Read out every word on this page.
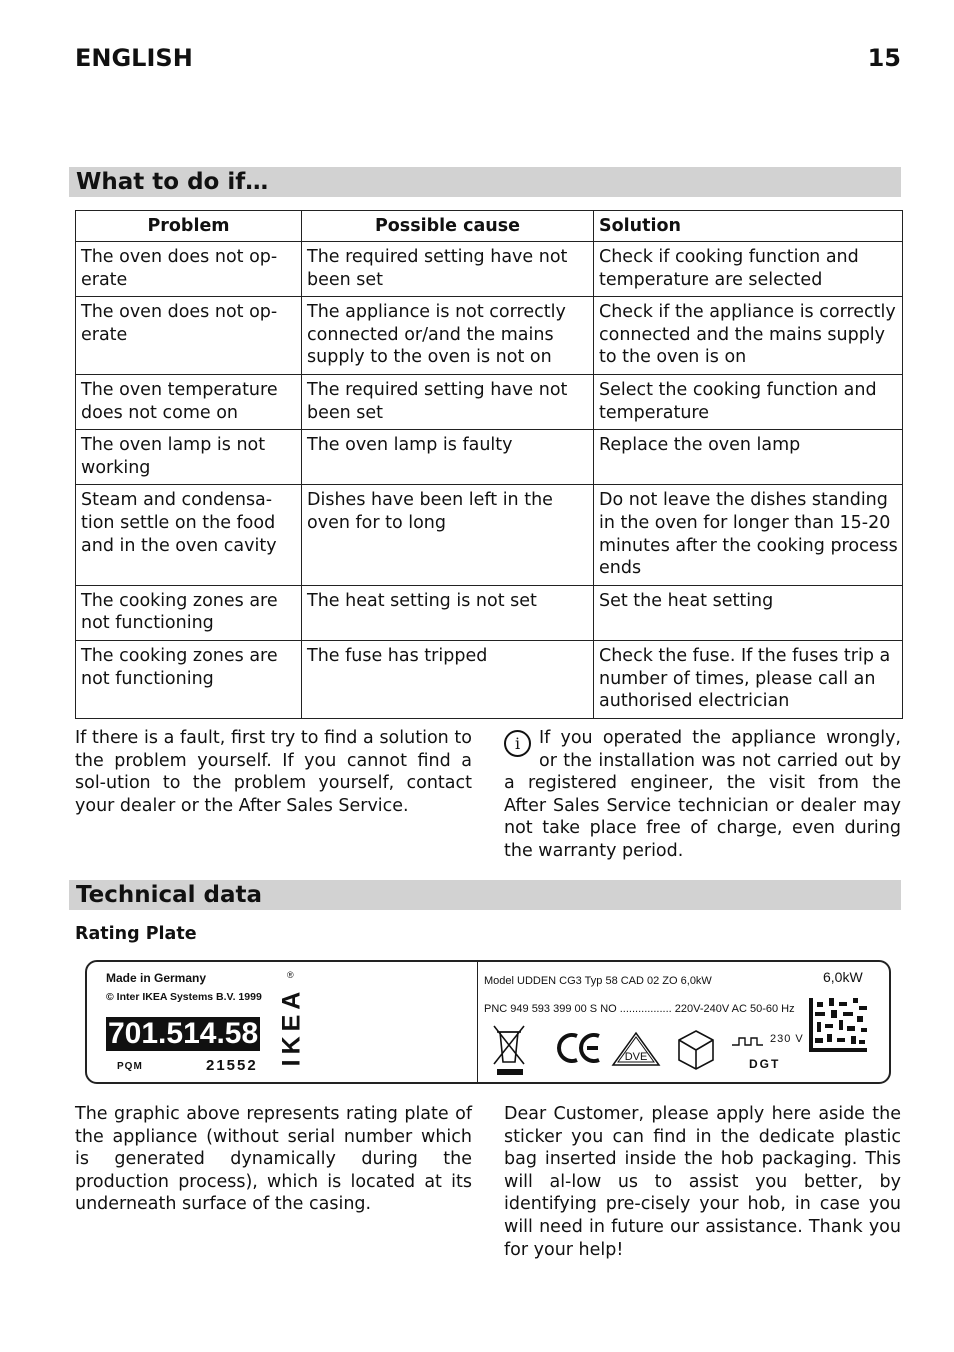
ENGLISH	15
What to do if…
Problem	Possible cause	Solution
The oven does not op-erate	The required setting have not been set	Check if cooking function and temperature are selected
The oven does not op-erate	The appliance is not correctly connected or/and the mains supply to the oven is not on	Check if the appliance is correctly connected and the mains supply to the oven is on
The oven temperature does not come on	The required setting have not been set	Select the cooking function and temperature
The oven lamp is not working	The oven lamp is faulty	Replace the oven lamp
Steam and condensa-tion settle on the food and in the oven cavity	Dishes have been left in the oven for to long	Do not leave the dishes standing in the oven for longer than 15-20 minutes after the cooking process ends
The cooking zones are not functioning	The heat setting is not set	Set the heat setting
The cooking zones are not functioning	The fuse has tripped	Check the fuse. If the fuses trip a number of times, please call an authorised electrician

If there is a fault, first try to find a solution to the problem yourself. If you cannot find a sol-ution to the problem yourself, contact your dealer or the After Sales Service.

i	If you operated the appliance wrongly, or the installation was not carried out by a registered engineer, the visit from the After Sales Service technician or dealer may not take place free of charge, even during the warranty period.
Technical data
Rating Plate
Made in Germany
© Inter IKEA Systems B.V. 1999
701.514.58
PQM	21552
®
IKEA
Model UDDEN CG3 Typ 58 CAD 02 ZO 6,0kW	6,0kW
PNC 949 593 399 00 S NO ................. 220V-240V AC 50-60 Hz
DVE
230 V
DGT

The graphic above represents rating plate of the appliance (without serial number which is generated dynamically during the production process), which is located at its underneath surface of the casing.

Dear Customer, please apply here aside the sticker you can find in the dedicate plastic bag inserted inside the hob packaging. This will al-low us to assist you better, by identifying pre-cisely your hob, in case you will need in future our assistance. Thank you for your help!
